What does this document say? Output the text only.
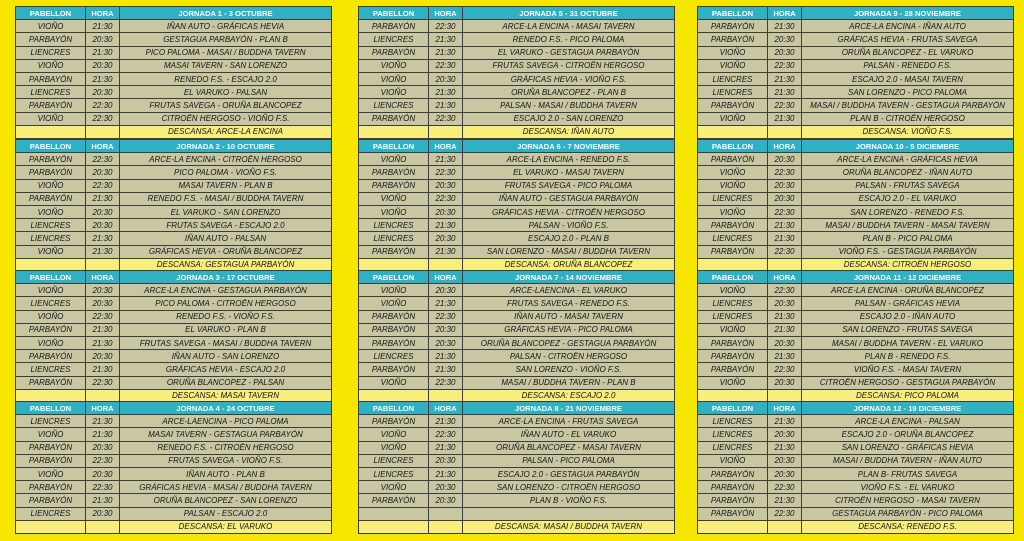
PABELLON	HORA	JORNADA 1 - 3 OCTUBRE
VIOÑO	21:30	IÑAN AUTO - GRÁFICAS HEVIA
PARBAYÓN	20:30	GESTAGUA PARBAYÓN - PLAN B
LIENCRES	21:30	PICO PALOMA - MASAI / BUDDHA TAVERN
VIOÑO	20:30	MASAI TAVERN - SAN LORENZO
PARBAYÓN	21:30	RENEDO F.S. - ESCAJO 2.0
LIENCRES	20:30	EL VARUKO - PALSAN
PARBAYÓN	22:30	FRUTAS SAVEGA - ORUÑA BLANCOPEZ
VIOÑO	22:30	CITROËN HERGOSO - VIOÑO F.S.
		DESCANSA: ARCE-LA ENCINA
PABELLON	HORA	JORNADA 5 - 31 OCTUBRE
PARBAYÓN	22:30	ARCE-LA ENCINA - MASAI TAVERN
LIENCRES	21:30	RENEDO F.S. - PICO PALOMA
PARBAYÓN	21:30	EL VARUKO - GESTAGUA PARBAYÓN
VIOÑO	22:30	FRUTAS SAVEGA - CITROËN HERGOSO
VIOÑO	20:30	GRÁFICAS HEVIA - VIOÑO F.S.
VIOÑO	21:30	ORUÑA BLANCOPEZ - PLAN B
LIENCRES	21:30	PALSAN - MASAI / BUDDHA TAVERN
PARBAYÓN	22:30	ESCAJO 2.0 - SAN LORENZO
		DESCANSA: IÑAN AUTO
PABELLON	HORA	JORNADA 9 - 28 NOVIEMBRE
PARBAYÓN	21:30	ARCE-LA ENCINA - IÑAN AUTO
PARBAYÓN	20:30	GRÁFICAS HEVIA - FRUTAS SAVEGA
VIOÑO	20:30	ORUÑA BLANCOPEZ - EL VARUKO
VIOÑO	22:30	PALSAN - RENEDO F.S.
LIENCRES	21:30	ESCAJO 2.0 - MASAI TAVERN
LIENCRES	21:30	SAN LORENZO - PICO PALOMA
PARBAYÓN	22:30	MASAI / BUDDHA TAVERN - GESTAGUA PARBAYÓN
VIOÑO	21:30	PLAN B - CITROËN HERGOSO
		DESCANSA: VIOÑO F.S.
PABELLON	HORA	JORNADA 2 - 10 OCTUBRE
PARBAYÓN	22:30	ARCE-LA ENCINA - CITROËN HERGOSO
PARBAYÓN	20:30	PICO PALOMA - VIOÑO F.S.
VIOÑO	22:30	MASAI TAVERN - PLAN B
PARBAYÓN	21:30	RENEDO F.S. - MASAI / BUDDHA TAVERN
VIOÑO	20:30	EL VARUKO - SAN LORENZO
LIENCRES	20:30	FRUTAS SAVEGA - ESCAJO 2.0
LIENCRES	21:30	IÑAN AUTO - PALSAN
VIOÑO	21:30	GRÁFICAS HEVIA - ORUÑA BLANCOPEZ
		DESCANSA: GESTAGUA PARBAYÓN
PABELLON	HORA	JORNADA 6 - 7 NOVIEMBRE
VIOÑO	21:30	ARCE-LA ENCINA - RENEDO F.S.
PARBAYÓN	22:30	EL VARUKO - MASAI TAVERN
PARBAYÓN	20:30	FRUTAS SAVEGA - PICO PALOMA
VIOÑO	22:30	IÑAN AUTO - GESTAGUA PARBAYÓN
VIOÑO	20:30	GRÁFICAS HEVIA - CITROËN HERGOSO
LIENCRES	21:30	PALSAN - VIOÑO F.S.
LIENCRES	20:30	ESCAJO 2.0 - PLAN B
PARBAYÓN	21:30	SAN LORENZO - MASAI / BUDDHA TAVERN
		DESCANSA: ORUÑA BLANCOPEZ
PABELLON	HORA	JORNADA 10 - 5 DICIEMBRE
PARBAYÓN	20:30	ARCE-LA ENCINA - GRÁFICAS HEVIA
VIOÑO	22:30	ORUÑA BLANCOPEZ - IÑAN AUTO
VIOÑO	20:30	PALSAN - FRUTAS SAVEGA
LIENCRES	20:30	ESCAJO 2.0 - EL VARUKO
VIOÑO	22:30	SAN LORENZO - RENEDO F.S.
PARBAYÓN	21:30	MASAI / BUDDHA TAVERN - MASAI TAVERN
LIENCRES	21:30	PLAN B - PICO PALOMA
PARBAYÓN	22:30	VIOÑO F.S. - GESTAGUA PARBAYÓN
		DESCANSA: CITROËN HERGOSO
PABELLON	HORA	JORNADA 3 - 17 OCTUBRE
VIOÑO	20:30	ARCE-LA ENCINA - GESTAGUA PARBAYÓN
LIENCRES	20:30	PICO PALOMA - CITROËN HERGOSO
VIOÑO	22:30	RENEDO F.S. - VIOÑO F.S.
PARBAYÓN	21:30	EL VARUKO - PLAN B
VIOÑO	21:30	FRUTAS SAVEGA - MASAI / BUDDHA TAVERN
PARBAYÓN	20:30	IÑAN AUTO - SAN LORENZO
LIENCRES	21:30	GRÁFICAS HEVIA - ESCAJO 2.0
PARBAYÓN	22:30	ORUÑA BLANCOPEZ - PALSAN
		DESCANSA: MASAI TAVERN
PABELLON	HORA	JORNADA 7 - 14 NOVIEMBRE
VIOÑO	20:30	ARCE-LAENCINA - EL VARUKO
VIOÑO	21:30	FRUTAS SAVEGA - RENEDO F.S.
PARBAYÓN	22:30	IÑAN AUTO - MASAI TAVERN
PARBAYÓN	20:30	GRÁFICAS HEVIA - PICO PALOMA
PARBAYÓN	20:30	ORUÑA BLANCOPEZ - GESTAGUA PARBAYÓN
LIENCRES	21:30	PALSAN - CITROËN HERGOSO
PARBAYÓN	21:30	SAN LORENZO - VIOÑO F.S.
VIOÑO	22:30	MASAI / BUDDHA TAVERN - PLAN B
		DESCANSA: ESCAJO 2.0
PABELLON	HORA	JORNADA 11 - 12 DICIEMBRE
VIOÑO	22:30	ARCE-LA ENCINA - ORUÑA BLANCOPEZ
LIENCRES	20:30	PALSAN - GRÁFICAS HEVIA
LIENCRES	21:30	ESCAJO 2.0 - IÑAN AUTO
VIOÑO	21:30	SAN LORENZO - FRUTAS SAVEGA
PARBAYÓN	20:30	MASAI / BUDDHA TAVERN - EL VARUKO
PARBAYÓN	21:30	PLAN B - RENEDO F.S.
PARBAYÓN	22:30	VIOÑO F.S. - MASAI TAVERN
VIOÑO	20:30	CITROËN HERGOSO - GESTAGUA PARBAYÓN
		DESCANSA: PICO PALOMA
PABELLON	HORA	JORNADA 4 - 24 OCTUBRE
LIENCRES	21:30	ARCE-LAENCINA - PICO PALOMA
VIOÑO	21:30	MASAI TAVERN - GESTAGUA PARBAYÓN
PARBAYÓN	20:30	RENEDO F.S. - CITROËN HERGOSO
PARBAYÓN	22:30	FRUTAS SAVEGA - VIOÑO F.S.
VIOÑO	20:30	IÑAN AUTO - PLAN B
PARBAYÓN	22:30	GRÁFICAS HEVIA - MASAI / BUDDHA TAVERN
PARBAYÓN	21:30	ORUÑA BLANCOPEZ - SAN LORENZO
LIENCRES	20:30	PALSAN - ESCAJO 2.0
		DESCANSA: EL VARUKO
PABELLON	HORA	JORNADA 8 - 21 NOVIEMBRE
PARBAYÓN	21:30	ARCE-LA ENCINA - FRUTAS SAVEGA
VIOÑO	22:30	IÑAN AUTO - EL VARUKO
VIOÑO	21:30	ORUÑA BLANCOPEZ - MASAI TAVERN
LIENCRES	20:30	PALSAN - PICO PALOMA
LIENCRES	21:30	ESCAJO 2.0 - GESTAGUA PARBAYÓN
VIOÑO	20:30	SAN LORENZO - CITROËN HERGOSO
PARBAYÓN	20:30	PLAN B - VIOÑO F.S.

		DESCANSA: MASAI / BUDDHA TAVERN
PABELLON	HORA	JORNADA 12 - 19 DICIEMBRE
LIENCRES	21:30	ARCE-LA ENCINA - PALSAN
LIENCRES	20:30	ESCAJO 2.0 - ORUÑA BLANCOPEZ
LIENCRES	21:30	SAN LORENZO - GRÁFICAS HEVIA
VIOÑO	20:30	MASAI / BUDDHA TAVERN - IÑAN AUTO
PARBAYÓN	20:30	PLAN B- FRUTAS SAVEGA
PARBAYÓN	22:30	VIOÑO F.S. - EL VARUKO
PARBAYÓN	21:30	CITROËN HERGOSO - MASAI TAVERN
PARBAYÓN	22:30	GESTAGUA PARBAYÓN - PICO PALOMA
		DESCANSA: RENEDO F.S.
